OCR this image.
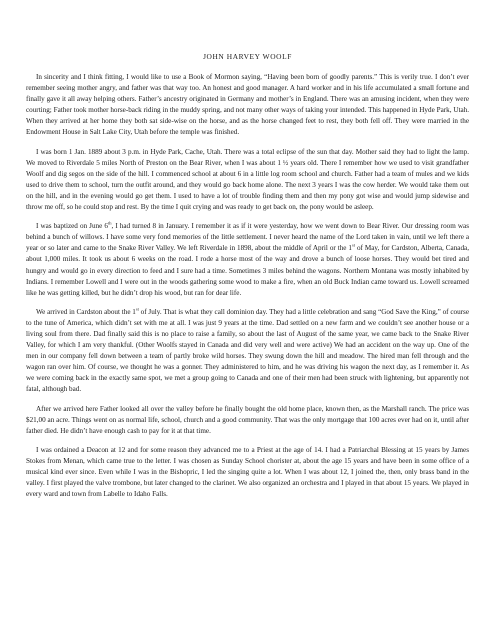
JOHN HARVEY WOOLF

In sincerity and I think fitting, I would like to use a Book of Mormon saying, “Having been born of goodly parents.” This is verily true. I don’t ever remember seeing mother angry, and father was that way too. An honest and good manager. A hard worker and in his life accumulated a small fortune and finally gave it all away helping others. Father’s ancestry originated in Germany and mother’s in England. There was an amusing incident, when they were courting; Father took mother horse-back riding in the muddy spring, and not many other ways of taking your intended. This happened in Hyde Park, Utah. When they arrived at her home they both sat side-wise on the horse, and as the horse changed feet to rest, they both fell off. They were married in the Endowment House in Salt Lake City, Utah before the temple was finished.

I was born 1 Jan. 1889 about 3 p.m. in Hyde Park, Cache, Utah. There was a total eclipse of the sun that day. Mother said they had to light the lamp. We moved to Riverdale 5 miles North of Preston on the Bear River, when I was about 1 ½ years old. There I remember how we used to visit grandfather Woolf and dig segos on the side of the hill. I commenced school at about 6 in a little log room school and church. Father had a team of mules and we kids used to drive them to school, turn the outfit around, and they would go back home alone. The next 3 years I was the cow herder. We would take them out on the hill, and in the evening would go get them. I used to have a lot of trouble finding them and then my pony got wise and would jump sidewise and throw me off, so he could stop and rest. By the time I quit crying and was ready to get back on, the pony would be asleep.

I was baptized on June 6th, I had turned 8 in January. I remember it as if it were yesterday, how we went down to Bear River. Our dressing room was behind a bunch of willows. I have some very fond memories of the little settlement. I never heard the name of the Lord taken in vain, until we left there a year or so later and came to the Snake River Valley. We left Riverdale in 1898, about the middle of April or the 1st of May, for Cardston, Alberta, Canada, about 1,000 miles. It took us about 6 weeks on the road. I rode a horse most of the way and drove a bunch of loose horses. They would bet tired and hungry and would go in every direction to feed and I sure had a time. Sometimes 3 miles behind the wagons. Northern Montana was mostly inhabited by Indians. I remember Lowell and I were out in the woods gathering some wood to make a fire, when an old Buck Indian came toward us. Lowell screamed like he was getting killed, but he didn’t drop his wood, but ran for dear life.

We arrived in Cardston about the 1st of July. That is what they call dominion day. They had a little celebration and sang “God Save the King,” of course to the tune of America, which didn’t set with me at all. I was just 9 years at the time. Dad settled on a new farm and we couldn’t see another house or a living soul from there. Dad finally said this is no place to raise a family, so about the last of August of the same year, we came back to the Snake River Valley, for which I am very thankful. (Other Woolfs stayed in Canada and did very well and were active) We had an accident on the way up. One of the men in our company fell down between a team of partly broke wild horses. They swung down the hill and meadow. The hired man fell through and the wagon ran over him. Of course, we thought he was a gonner. They administered to him, and he was driving his wagon the next day, as I remember it. As we were coming back in the exactly same spot, we met a group going to Canada and one of their men had been struck with lightening, but apparently not fatal, although bad.

After we arrived here Father looked all over the valley before he finally bought the old home place, known then, as the Marshall ranch. The price was $21,00 an acre. Things went on as normal life, school, church and a good community. That was the only mortgage that 100 acres ever had on it, until after father died. He didn’t have enough cash to pay for it at that time.

I was ordained a Deacon at 12 and for some reason they advanced me to a Priest at the age of 14. I had a Patriarchal Blessing at 15 years by James Stokes from Menan, which came true to the letter. I was chosen as Sunday School chorister at, about the age 15 years and have been in some office of a musical kind ever since. Even while I was in the Bishopric, I led the singing quite a lot. When I was about 12, I joined the, then, only brass band in the valley. I first played the valve trombone, but later changed to the clarinet. We also organized an orchestra and I played in that about 15 years. We played in every ward and town from Labelle to Idaho Falls.
